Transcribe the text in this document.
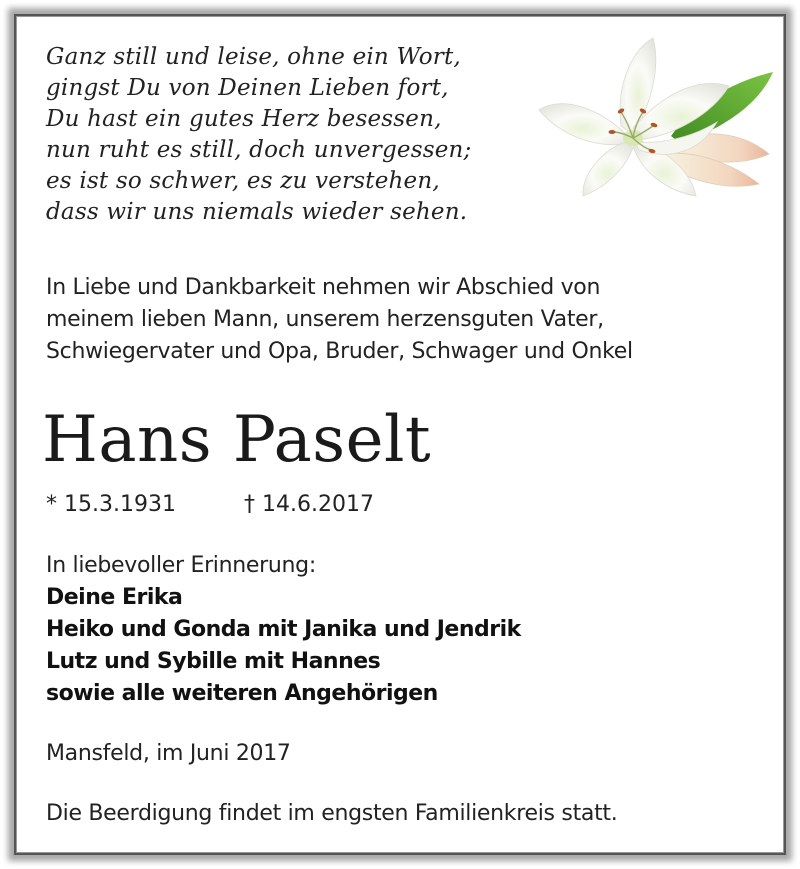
Ganz still und leise, ohne ein Wort,
gingst Du von Deinen Lieben fort,
Du hast ein gutes Herz besessen,
nun ruht es still, doch unvergessen;
es ist so schwer, es zu verstehen,
dass wir uns niemals wieder sehen.

In Liebe und Dankbarkeit nehmen wir Abschied von
meinem lieben Mann, unserem herzensguten Vater,
Schwiegervater und Opa, Bruder, Schwager und Onkel

Hans Paselt
* 15.3.1931	† 14.6.2017
In liebevoller Erinnerung:
Deine Erika
Heiko und Gonda mit Janika und Jendrik
Lutz und Sybille mit Hannes
sowie alle weiteren Angehörigen
Mansfeld, im Juni 2017
Die Beerdigung findet im engsten Familienkreis statt.
